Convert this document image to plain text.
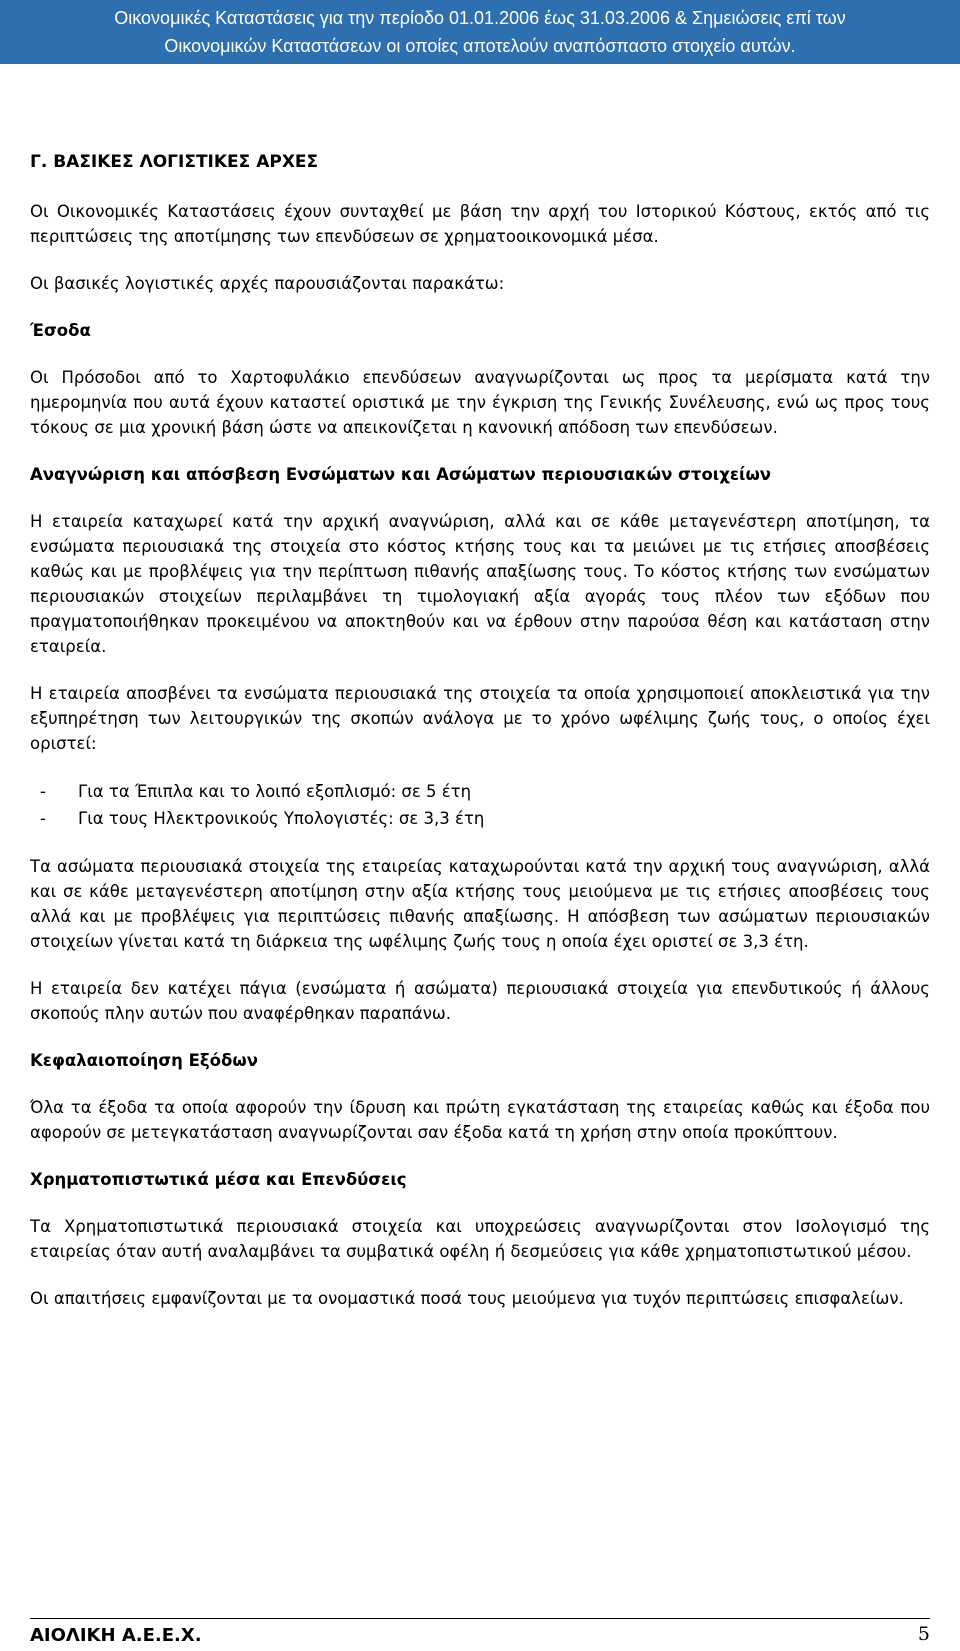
Οικονομικές Καταστάσεις για την περίοδο 01.01.2006 έως 31.03.2006 & Σημειώσεις επί των
Οικονομικών Καταστάσεων οι οποίες αποτελούν αναπόσπαστο στοιχείο αυτών.
Γ. ΒΑΣΙΚΕΣ ΛΟΓΙΣΤΙΚΕΣ ΑΡΧΕΣ

Οι Οικονομικές Καταστάσεις έχουν συνταχθεί με βάση την αρχή του Ιστορικού Κόστους, εκτός από τις περιπτώσεις της αποτίμησης των επενδύσεων σε χρηματοοικονομικά μέσα.

Οι βασικές λογιστικές αρχές παρουσιάζονται παρακάτω:

Έσοδα

Οι Πρόσοδοι από το Χαρτοφυλάκιο επενδύσεων αναγνωρίζονται ως προς τα μερίσματα κατά την ημερομηνία που αυτά έχουν καταστεί οριστικά με την έγκριση της Γενικής Συνέλευσης, ενώ ως προς τους τόκους σε μια χρονική βάση ώστε να απεικονίζεται η κανονική απόδοση των επενδύσεων.

Αναγνώριση και απόσβεση Ενσώματων και Ασώματων περιουσιακών στοιχείων

Η εταιρεία καταχωρεί κατά την αρχική αναγνώριση, αλλά και σε κάθε μεταγενέστερη αποτίμηση, τα ενσώματα περιουσιακά της στοιχεία στο κόστος κτήσης τους και τα μειώνει με τις ετήσιες αποσβέσεις καθώς και με προβλέψεις για την περίπτωση πιθανής απαξίωσης τους. Το κόστος κτήσης των ενσώματων περιουσιακών στοιχείων περιλαμβάνει τη τιμολογιακή αξία αγοράς τους πλέον των εξόδων που πραγματοποιήθηκαν προκειμένου να αποκτηθούν και να έρθουν στην παρούσα θέση και κατάσταση στην εταιρεία.

Η εταιρεία αποσβένει τα ενσώματα περιουσιακά της στοιχεία τα οποία χρησιμοποιεί αποκλειστικά για την εξυπηρέτηση των λειτουργικών της σκοπών ανάλογα με το χρόνο ωφέλιμης ζωής τους, ο οποίος έχει οριστεί:

- Για τα Έπιπλα και το λοιπό εξοπλισμό: σε 5 έτη
- Για τους Ηλεκτρονικούς Υπολογιστές: σε 3,3 έτη

Τα ασώματα περιουσιακά στοιχεία της εταιρείας καταχωρούνται κατά την αρχική τους αναγνώριση, αλλά και σε κάθε μεταγενέστερη αποτίμηση στην αξία κτήσης τους μειούμενα με τις ετήσιες αποσβέσεις τους αλλά και με προβλέψεις για περιπτώσεις πιθανής απαξίωσης. Η απόσβεση των ασώματων περιουσιακών στοιχείων γίνεται κατά τη διάρκεια της ωφέλιμης ζωής τους η οποία έχει οριστεί σε 3,3 έτη.

Η εταιρεία δεν κατέχει πάγια (ενσώματα ή ασώματα) περιουσιακά στοιχεία για επενδυτικούς ή άλλους σκοπούς πλην αυτών που αναφέρθηκαν παραπάνω.

Κεφαλαιοποίηση Εξόδων

Όλα τα έξοδα τα οποία αφορούν την ίδρυση και πρώτη εγκατάσταση της εταιρείας καθώς και έξοδα που αφορούν σε μετεγκατάσταση αναγνωρίζονται σαν έξοδα κατά τη χρήση στην οποία προκύπτουν.

Χρηματοπιστωτικά μέσα και Επενδύσεις

Τα Χρηματοπιστωτικά περιουσιακά στοιχεία και υποχρεώσεις αναγνωρίζονται στον Ισολογισμό της εταιρείας όταν αυτή αναλαμβάνει τα συμβατικά οφέλη ή δεσμεύσεις για κάθε χρηματοπιστωτικού μέσου.

Οι απαιτήσεις εμφανίζονται με τα ονομαστικά ποσά τους μειούμενα για τυχόν περιπτώσεις επισφαλείων.

ΑΙΟΛΙΚΗ Α.Ε.Ε.Χ.	5
